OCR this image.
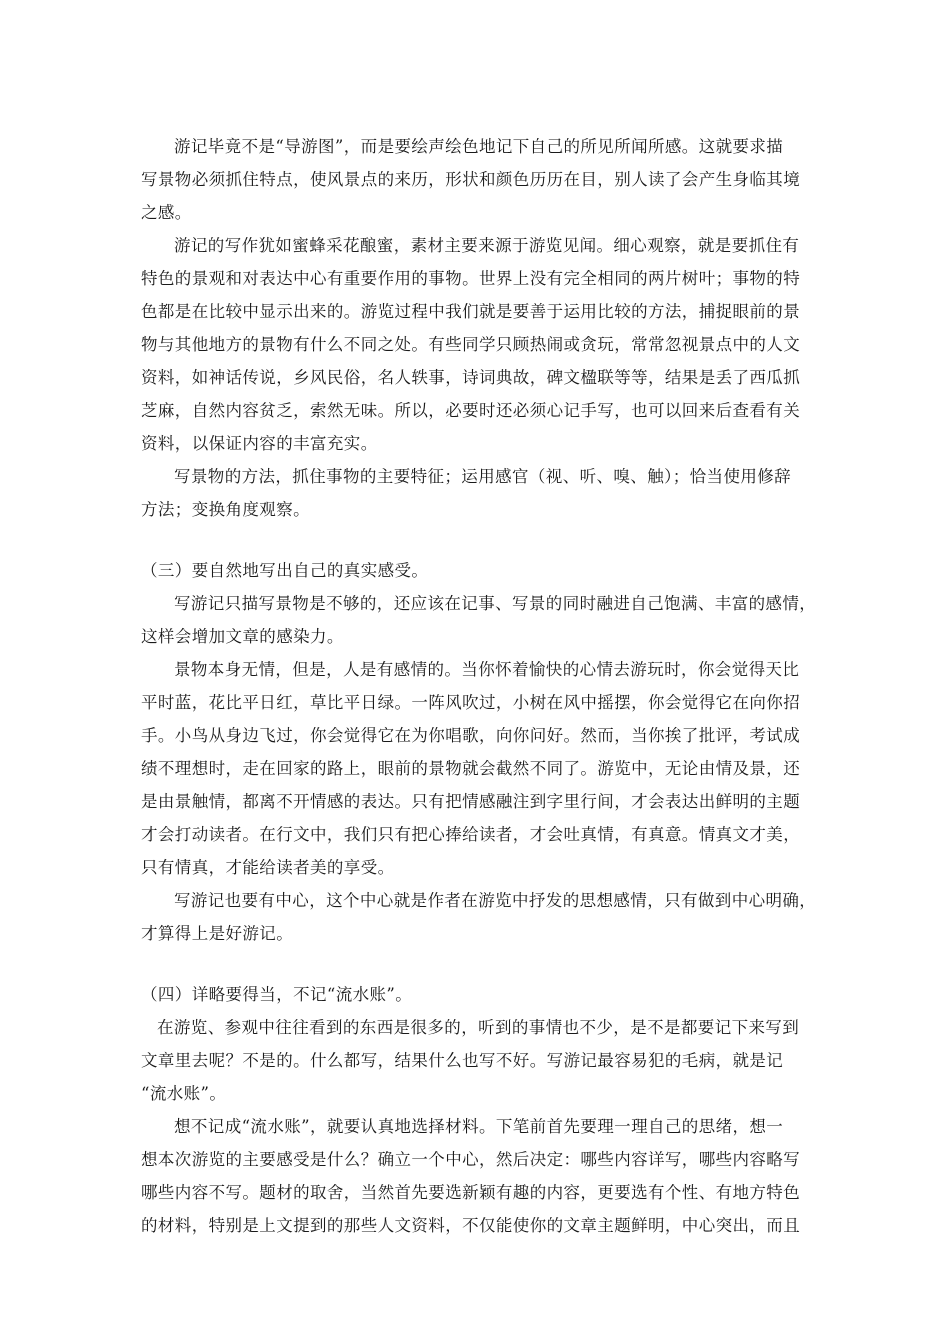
游记毕竟不是“导游图”，而是要绘声绘色地记下自己的所见所闻所感。这就要求描
写景物必须抓住特点，使风景点的来历，形状和颜色历历在目，别人读了会产生身临其境
之感。
游记的写作犹如蜜蜂采花酿蜜，素材主要来源于游览见闻。细心观察，就是要抓住有
特色的景观和对表达中心有重要作用的事物。世界上没有完全相同的两片树叶；事物的特
色都是在比较中显示出来的。游览过程中我们就是要善于运用比较的方法，捕捉眼前的景
物与其他地方的景物有什么不同之处。有些同学只顾热闹或贪玩，常常忽视景点中的人文
资料，如神话传说，乡风民俗，名人轶事，诗词典故，碑文楹联等等，结果是丢了西瓜抓
芝麻，自然内容贫乏，索然无味。所以，必要时还必须心记手写，也可以回来后查看有关
资料，以保证内容的丰富充实。
写景物的方法，抓住事物的主要特征；运用感官（视、听、嗅、触）；恰当使用修辞
方法；变换角度观察。
（三）要自然地写出自己的真实感受。
写游记只描写景物是不够的，还应该在记事、写景的同时融进自己饱满、丰富的感情，
这样会增加文章的感染力。
景物本身无情，但是，人是有感情的。当你怀着愉快的心情去游玩时，你会觉得天比
平时蓝，花比平日红，草比平日绿。一阵风吹过，小树在风中摇摆，你会觉得它在向你招
手。小鸟从身边飞过，你会觉得它在为你唱歌，向你问好。然而，当你挨了批评，考试成
绩不理想时，走在回家的路上，眼前的景物就会截然不同了。游览中，无论由情及景，还
是由景触情，都离不开情感的表达。只有把情感融注到字里行间，才会表达出鲜明的主题
才会打动读者。在行文中，我们只有把心捧给读者，才会吐真情，有真意。情真文才美，
只有情真，才能给读者美的享受。
写游记也要有中心，这个中心就是作者在游览中抒发的思想感情，只有做到中心明确，
才算得上是好游记。
（四）详略要得当，不记“流水账”。
在游览、参观中往往看到的东西是很多的，听到的事情也不少，是不是都要记下来写到
文章里去呢？不是的。什么都写，结果什么也写不好。写游记最容易犯的毛病，就是记
“流水账”。
想不记成“流水账”，就要认真地选择材料。下笔前首先要理一理自己的思绪，想一
想本次游览的主要感受是什么？确立一个中心，然后决定：哪些内容详写，哪些内容略写
哪些内容不写。题材的取舍，当然首先要选新颖有趣的内容，更要选有个性、有地方特色
的材料，特别是上文提到的那些人文资料，不仅能使你的文章主题鲜明，中心突出，而且
